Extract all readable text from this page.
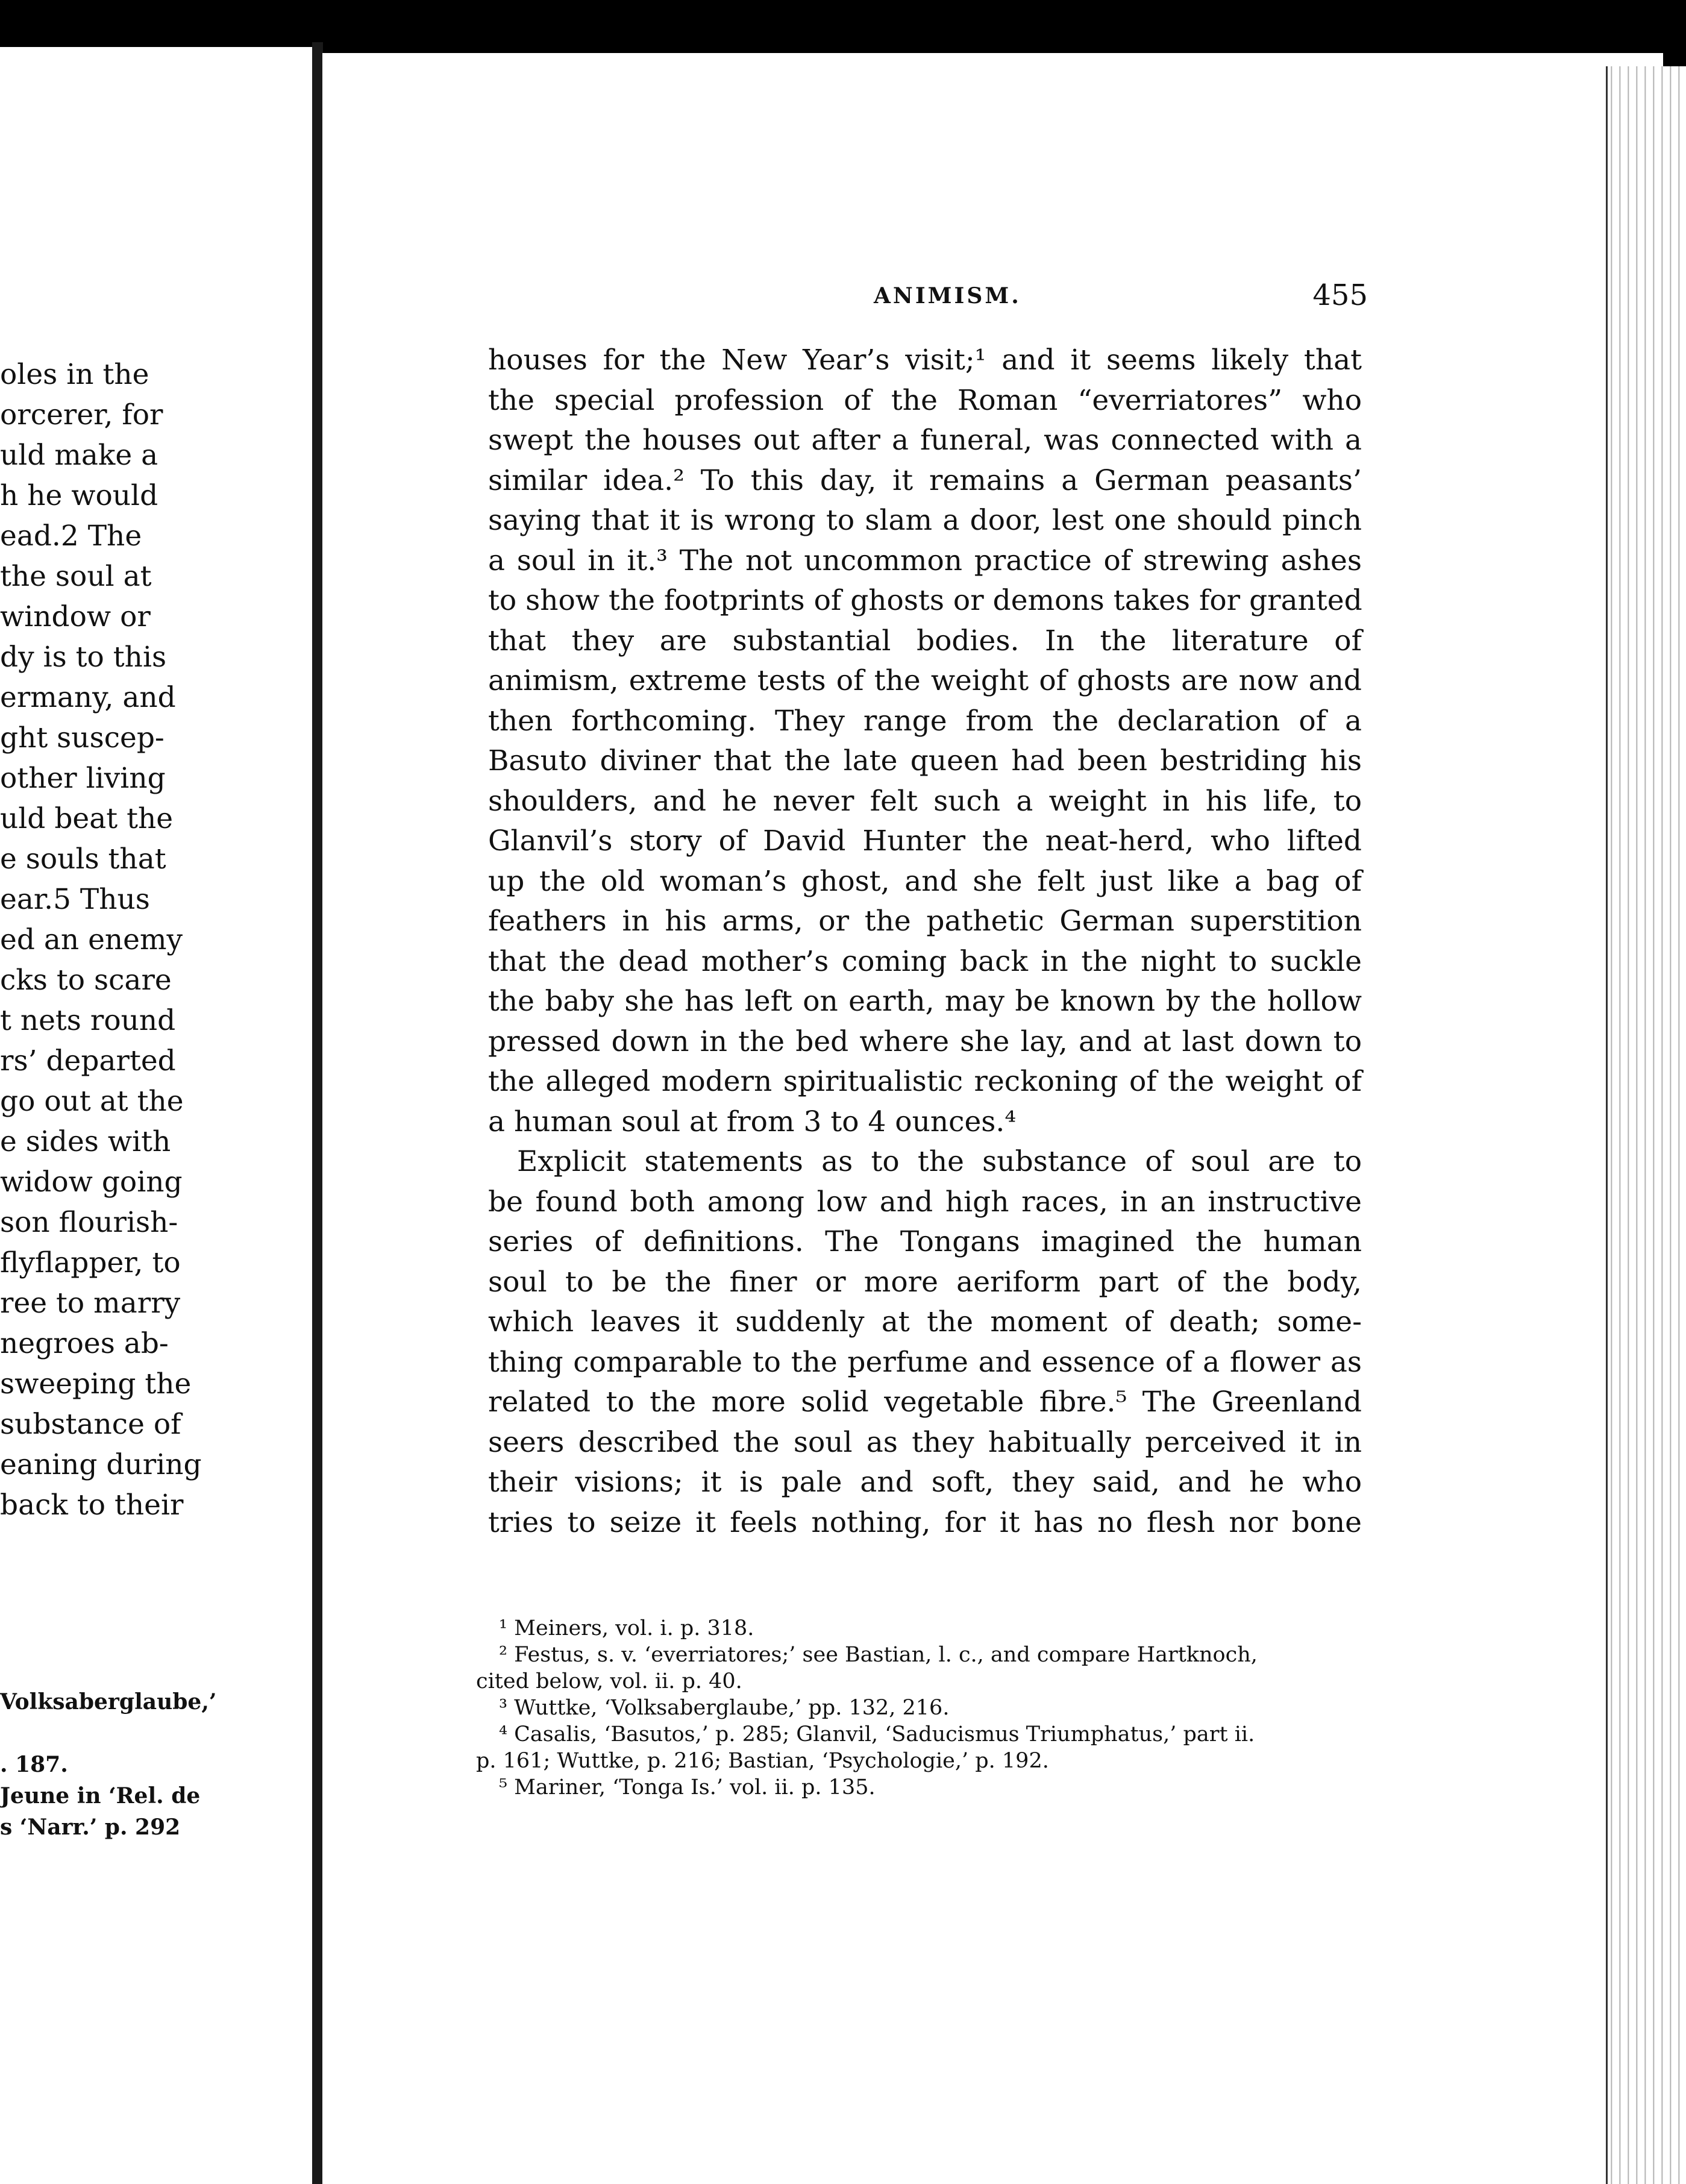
oles in the
orcerer, for
uld make a
h he would
ead.2 The
the soul at
window or
dy is to this
ermany, and
ght suscep-
other living
uld beat the
e souls that
ear.5 Thus
ed an enemy
cks to scare
t nets round
rs’ departed
go out at the
e sides with
widow going
son flourish-
flyflapper, to
ree to marry
negroes ab-
sweeping the
substance of
eaning during
back to their
Volksaberglaube,’

. 187.
Jeune in ‘Rel. de
s ‘Narr.’ p. 292
ANIMISM.	455
houses for the New Year’s visit;¹ and it seems likely that
the special profession of the Roman “everriatores” who
swept the houses out after a funeral, was connected with a
similar idea.² To this day, it remains a German peasants’
saying that it is wrong to slam a door, lest one should pinch
a soul in it.³ The not uncommon practice of strewing ashes
to show the footprints of ghosts or demons takes for granted
that they are substantial bodies. In the literature of
animism, extreme tests of the weight of ghosts are now and
then forthcoming. They range from the declaration of a
Basuto diviner that the late queen had been bestriding his
shoulders, and he never felt such a weight in his life, to
Glanvil’s story of David Hunter the neat-herd, who lifted
up the old woman’s ghost, and she felt just like a bag of
feathers in his arms, or the pathetic German superstition
that the dead mother’s coming back in the night to suckle
the baby she has left on earth, may be known by the hollow
pressed down in the bed where she lay, and at last down to
the alleged modern spiritualistic reckoning of the weight of
a human soul at from 3 to 4 ounces.⁴
Explicit statements as to the substance of soul are to
be found both among low and high races, in an instructive
series of definitions. The Tongans imagined the human
soul to be the finer or more aeriform part of the body,
which leaves it suddenly at the moment of death; some-
thing comparable to the perfume and essence of a flower as
related to the more solid vegetable fibre.⁵ The Greenland
seers described the soul as they habitually perceived it in
their visions; it is pale and soft, they said, and he who
tries to seize it feels nothing, for it has no flesh nor bone
¹ Meiners, vol. i. p. 318.
² Festus, s. v. ‘everriatores;’ see Bastian, l. c., and compare Hartknoch,
cited below, vol. ii. p. 40.
³ Wuttke, ‘Volksaberglaube,’ pp. 132, 216.
⁴ Casalis, ‘Basutos,’ p. 285; Glanvil, ‘Saducismus Triumphatus,’ part ii.
p. 161; Wuttke, p. 216; Bastian, ‘Psychologie,’ p. 192.
⁵ Mariner, ‘Tonga Is.’ vol. ii. p. 135.
